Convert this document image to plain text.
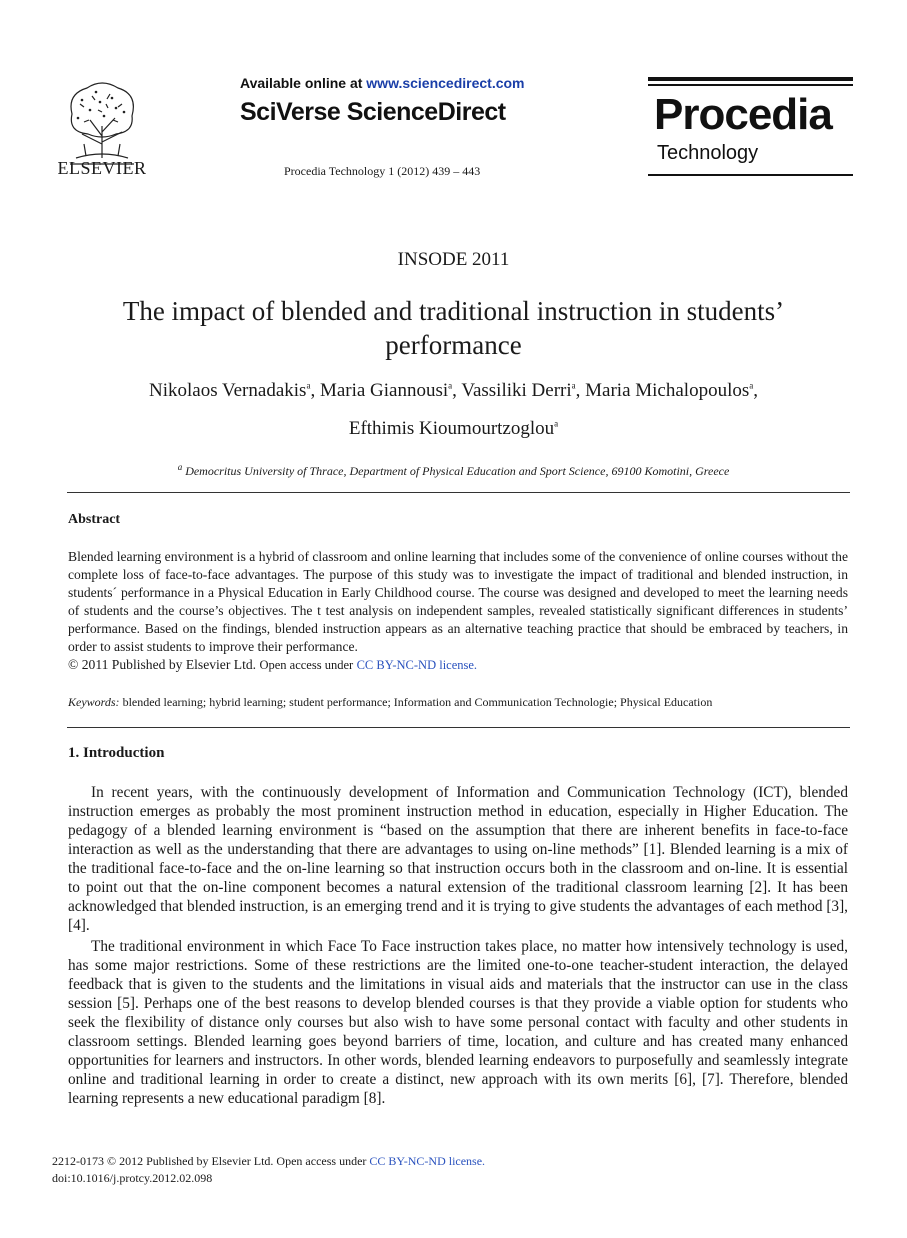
ELSEVIER
Available online at www.sciencedirect.com
SciVerse ScienceDirect
Procedia Technology 1 (2012) 439 – 443
Procedia
Technology
INSODE 2011
The impact of blended and traditional instruction in students’ performance
Nikolaos Vernadakis$^a$, Maria Giannousi$^a$, Vassiliki Derri$^a$, Maria Michalopoulos$^a$,
Efthimis Kioumourtzoglou$^a$
$^a$ Democritus University of Thrace, Department of Physical Education and Sport Science, 69100 Komotini, Greece
Abstract
Blended learning environment is a hybrid of classroom and online learning that includes some of the convenience of online courses without the complete loss of face-to-face advantages. The purpose of this study was to investigate the impact of traditional and blended instruction, in students´ performance in a Physical Education in Early Childhood course. The course was designed and developed to meet the learning needs of students and the course’s objectives. The t test analysis on independent samples, revealed statistically significant differences in students’ performance. Based on the findings, blended instruction appears as an alternative teaching practice that should be embraced by teachers, in order to assist students to improve their performance.
© 2011 Published by Elsevier Ltd. Open access under CC BY-NC-ND license.
Keywords: blended learning; hybrid learning; student performance; Information and Communication Technologie; Physical Education
1. Introduction
In recent years, with the continuously development of Information and Communication Technology (ICT), blended instruction emerges as probably the most prominent instruction method in education, especially in Higher Education. The pedagogy of a blended learning environment is “based on the assumption that there are inherent benefits in face-to-face interaction as well as the understanding that there are advantages to using on-line methods” [1]. Blended learning is a mix of the traditional face-to-face and the on-line learning so that instruction occurs both in the classroom and on-line. It is essential to point out that the on-line component becomes a natural extension of the traditional classroom learning [2]. It has been acknowledged that blended instruction, is an emerging trend and it is trying to give students the advantages of each method [3], [4].
The traditional environment in which Face To Face instruction takes place, no matter how intensively technology is used, has some major restrictions. Some of these restrictions are the limited one-to-one teacher-student interaction, the delayed feedback that is given to the students and the limitations in visual aids and materials that the instructor can use in the class session [5]. Perhaps one of the best reasons to develop blended courses is that they provide a viable option for students who seek the flexibility of distance only courses but also wish to have some personal contact with faculty and other students in classroom settings. Blended learning goes beyond barriers of time, location, and culture and has created many enhanced opportunities for learners and instructors. In other words, blended learning endeavors to purposefully and seamlessly integrate online and traditional learning in order to create a distinct, new approach with its own merits [6], [7]. Therefore, blended learning represents a new educational paradigm [8].
2212-0173 © 2012 Published by Elsevier Ltd. Open access under CC BY-NC-ND license.
doi:10.1016/j.protcy.2012.02.098
